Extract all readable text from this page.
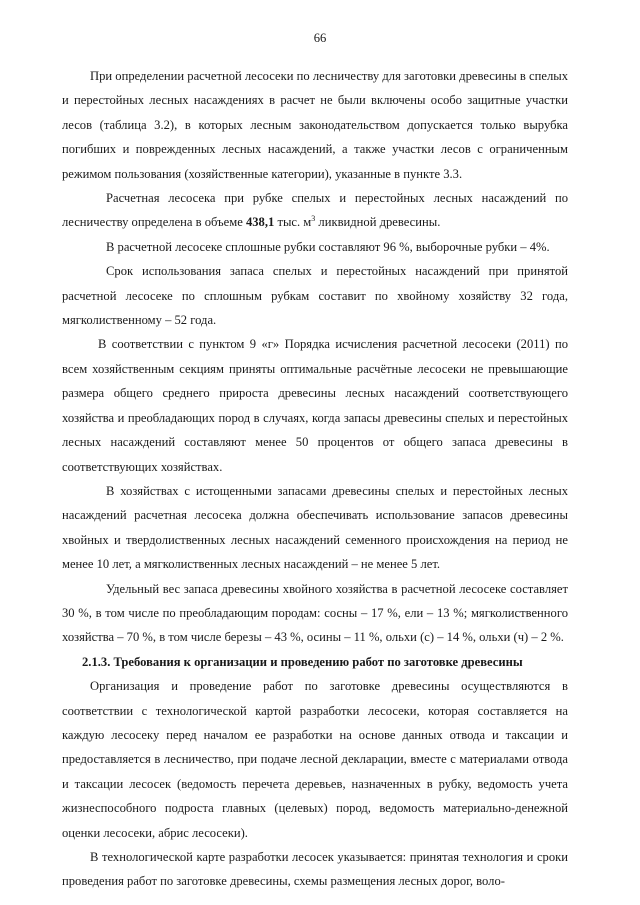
66

При определении расчетной лесосеки по лесничеству для заготовки древесины в спелых и перестойных лесных насаждениях в расчет не были включены особо защитные участки лесов (таблица 3.2), в которых лесным законодательством допускается только вырубка погибших и поврежденных лесных насаждений, а также участки лесов с ограниченным режимом пользования (хозяйственные категории), указанные в пункте 3.3.

Расчетная лесосека при рубке спелых и перестойных лесных насаждений по лесничеству определена в объеме 438,1 тыс. $м^3$ ликвидной древесины.

В расчетной лесосеке сплошные рубки составляют 96 %, выборочные рубки – 4%.

Срок использования запаса спелых и перестойных насаждений при принятой расчетной лесосеке по сплошным рубкам составит по хвойному хозяйству 32 года, мягколиственному – 52 года.

В соответствии с пунктом 9 «г» Порядка исчисления расчетной лесосеки (2011) по всем хозяйственным секциям приняты оптимальные расчётные лесосеки не превышающие размера общего среднего прироста древесины лесных насаждений соответствующего хозяйства и преобладающих пород в случаях, когда запасы древесины спелых и перестойных лесных насаждений составляют менее 50 процентов от общего запаса древесины в соответствующих хозяйствах.

В хозяйствах с истощенными запасами древесины спелых и перестойных лесных насаждений расчетная лесосека должна обеспечивать использование запасов древесины хвойных и твердолиственных лесных насаждений семенного происхождения на период не менее 10 лет, а мягколиственных лесных насаждений – не менее 5 лет.

Удельный вес запаса древесины хвойного хозяйства в расчетной лесосеке составляет 30 %, в том числе по преобладающим породам: сосны – 17 %, ели – 13 %; мягколиственного хозяйства – 70 %, в том числе березы – 43 %, осины – 11 %, ольхи (с) – 14 %, ольхи (ч) – 2 %.

2.1.3. Требования к организации и проведению работ по заготовке древесины

Организация и проведение работ по заготовке древесины осуществляются в соответствии с технологической картой разработки лесосеки, которая составляется на каждую лесосеку перед началом ее разработки на основе данных отвода и таксации и предоставляется в лесничество, при подаче лесной декларации, вместе с материалами отвода и таксации лесосек (ведомость перечета деревьев, назначенных в рубку, ведомость учета жизнеспособного подроста главных (целевых) пород, ведомость материально-денежной оценки лесосеки, абрис лесосеки).

В технологической карте разработки лесосек указывается: принятая технология и сроки проведения работ по заготовке древесины, схемы размещения лесных дорог, воло-
